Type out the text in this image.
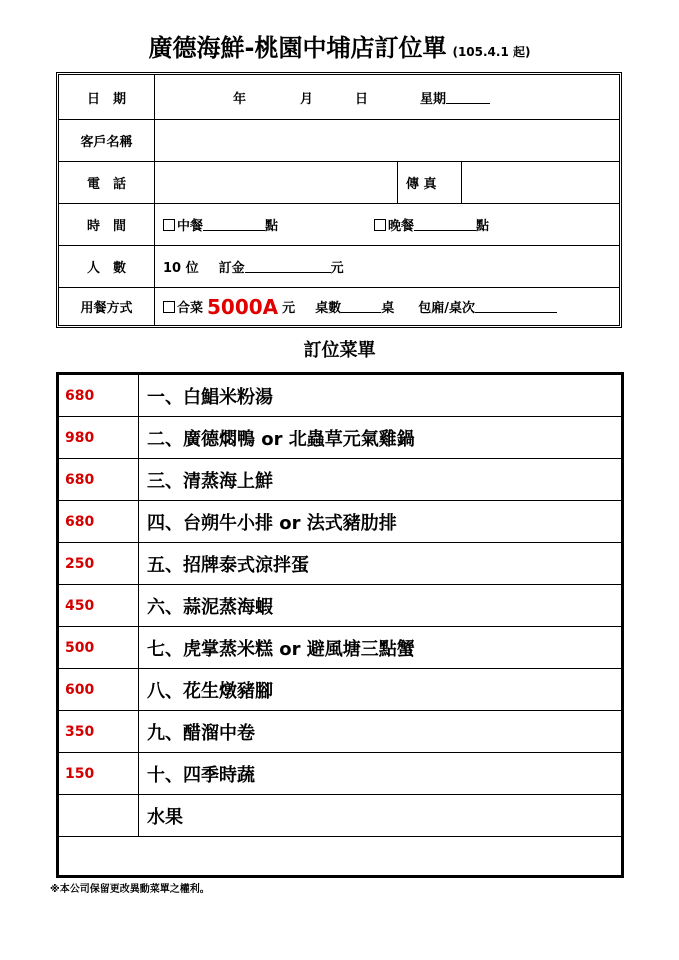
廣德海鮮-桃園中埔店訂位單 (105.4.1 起)
日　期	年	月	日	星期
客戶名稱
電　話	傳 真
時　間	中餐	點	晚餐	點
人　數	10 位 訂金	元
用餐方式	合菜 5000A 元 桌數	桌 包廂/桌次
訂位菜單
680	一、白鯧米粉湯
980	二、廣德燜鴨 or 北蟲草元氣雞鍋
680	三、清蒸海上鮮
680	四、台朔牛小排 or 法式豬肋排
250	五、招牌泰式涼拌蛋
450	六、蒜泥蒸海蝦
500	七、虎掌蒸米糕 or 避風塘三點蟹
600	八、花生燉豬腳
350	九、醋溜中卷
150	十、四季時蔬
水果
※本公司保留更改異動菜單之權利。
